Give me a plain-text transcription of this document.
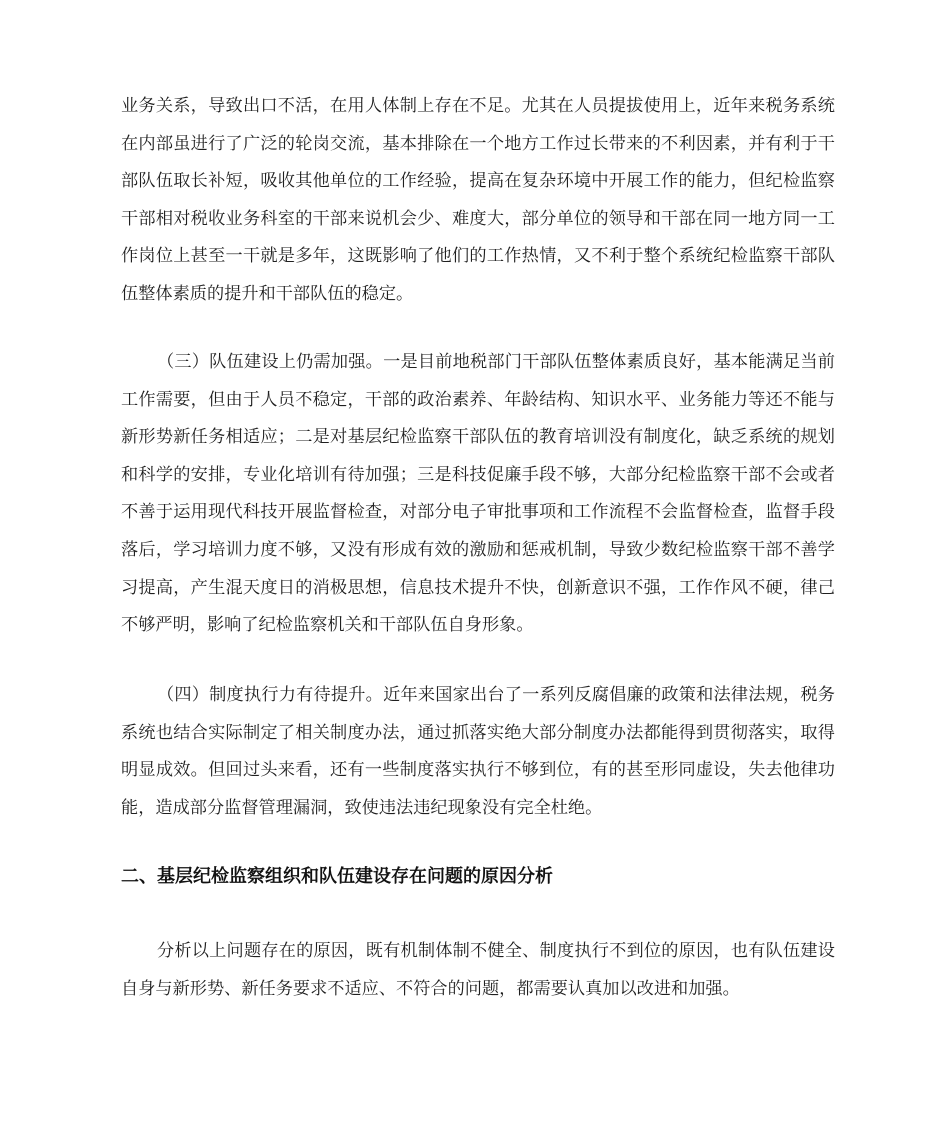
业务关系，导致出口不活，在用人体制上存在不足。尤其在人员提拔使用上，近年来税务系统在内部虽进行了广泛的轮岗交流，基本排除在一个地方工作过长带来的不利因素，并有利于干部队伍取长补短，吸收其他单位的工作经验，提高在复杂环境中开展工作的能力，但纪检监察干部相对税收业务科室的干部来说机会少、难度大，部分单位的领导和干部在同一地方同一工作岗位上甚至一干就是多年，这既影响了他们的工作热情，又不利于整个系统纪检监察干部队伍整体素质的提升和干部队伍的稳定。

（三）队伍建设上仍需加强。一是目前地税部门干部队伍整体素质良好，基本能满足当前工作需要，但由于人员不稳定，干部的政治素养、年龄结构、知识水平、业务能力等还不能与新形势新任务相适应；二是对基层纪检监察干部队伍的教育培训没有制度化，缺乏系统的规划和科学的安排，专业化培训有待加强；三是科技促廉手段不够，大部分纪检监察干部不会或者不善于运用现代科技开展监督检查，对部分电子审批事项和工作流程不会监督检查，监督手段落后，学习培训力度不够，又没有形成有效的激励和惩戒机制，导致少数纪检监察干部不善学习提高，产生混天度日的消极思想，信息技术提升不快，创新意识不强，工作作风不硬，律己不够严明，影响了纪检监察机关和干部队伍自身形象。

（四）制度执行力有待提升。近年来国家出台了一系列反腐倡廉的政策和法律法规，税务系统也结合实际制定了相关制度办法，通过抓落实绝大部分制度办法都能得到贯彻落实，取得明显成效。但回过头来看，还有一些制度落实执行不够到位，有的甚至形同虚设，失去他律功能，造成部分监督管理漏洞，致使违法违纪现象没有完全杜绝。

二、基层纪检监察组织和队伍建设存在问题的原因分析

分析以上问题存在的原因，既有机制体制不健全、制度执行不到位的原因，也有队伍建设自身与新形势、新任务要求不适应、不符合的问题，都需要认真加以改进和加强。
